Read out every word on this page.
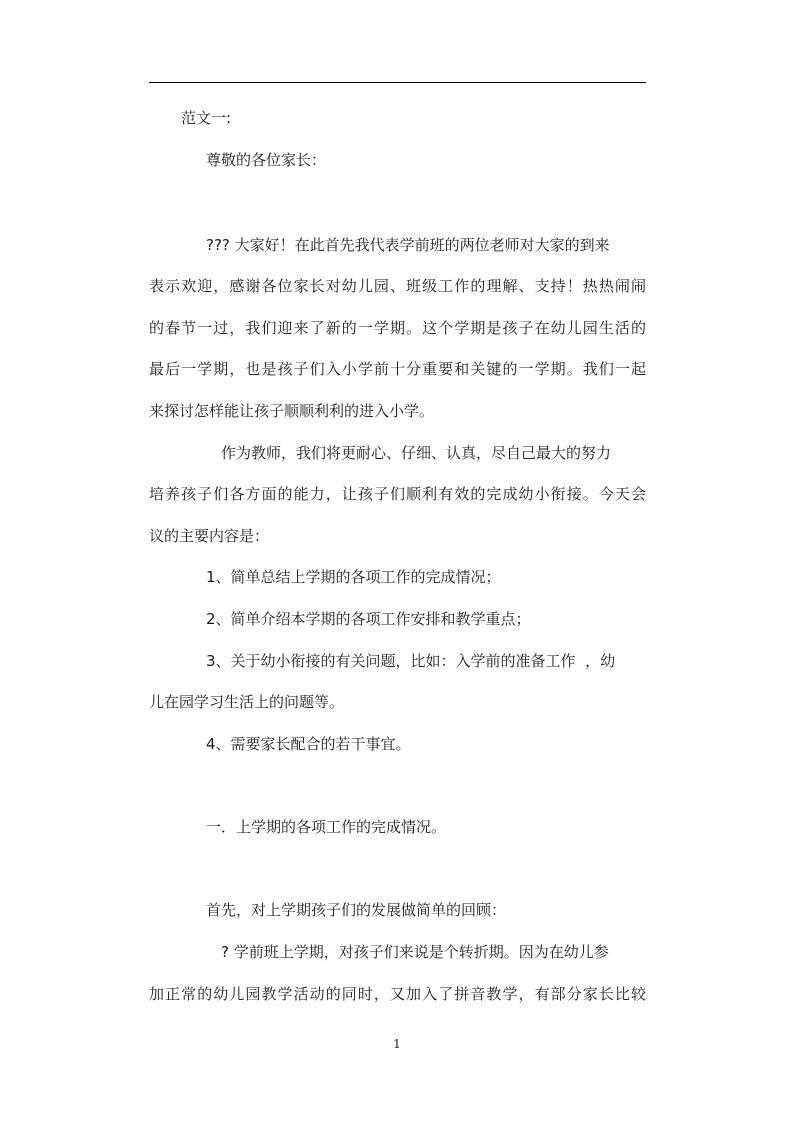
范文一:
尊敬的各位家长：
??? 大家好！在此首先我代表学前班的两位老师对大家的到来
表示欢迎，感谢各位家长对幼儿园、班级工作的理解、支持！热热闹闹
的春节一过，我们迎来了新的一学期。这个学期是孩子在幼儿园生活的
最后一学期，也是孩子们入小学前十分重要和关键的一学期。我们一起
来探讨怎样能让孩子顺顺利利的进入小学。
作为教师，我们将更耐心、仔细、认真，尽自己最大的努力
培养孩子们各方面的能力，让孩子们顺利有效的完成幼小衔接。今天会
议的主要内容是：
1、简单总结上学期的各项工作的完成情况；
2、简单介绍本学期的各项工作安排和教学重点；
3、关于幼小衔接的有关问题，比如：入学前的准备工作  ，幼
儿在园学习生活上的问题等。
4、需要家长配合的若干事宜。
一．上学期的各项工作的完成情况。
首先，对上学期孩子们的发展做简单的回顾：
? 学前班上学期，对孩子们来说是个转折期。因为在幼儿参
加正常的幼儿园教学活动的同时，又加入了拼音教学，有部分家长比较
1
